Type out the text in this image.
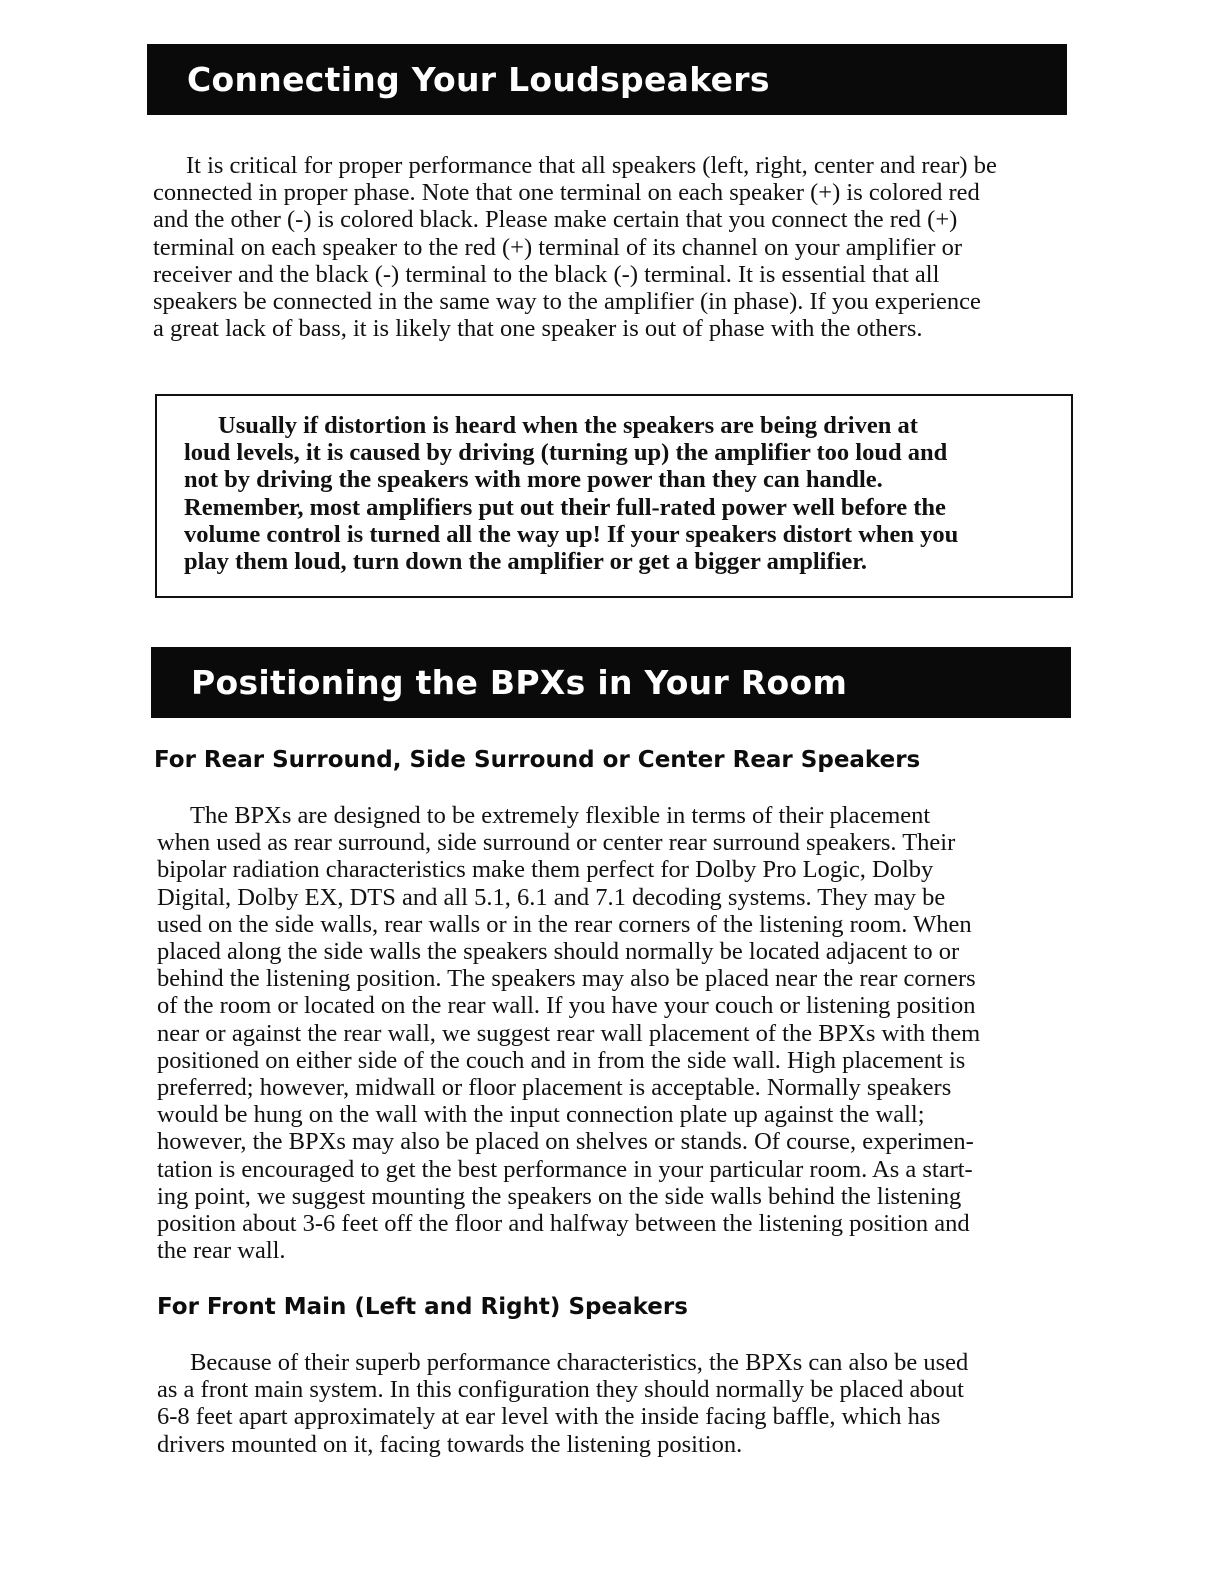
Connecting Your Loudspeakers

It is critical for proper performance that all speakers (left, right, center and rear) be
connected in proper phase. Note that one terminal on each speaker (+) is colored red
and the other (-) is colored black. Please make certain that you connect the red (+)
terminal on each speaker to the red (+) terminal of its channel on your amplifier or
receiver and the black (-) terminal to the black (-) terminal. It is essential that all
speakers be connected in the same way to the amplifier (in phase). If you experience
a great lack of bass, it is likely that one speaker is out of phase with the others.

Usually if distortion is heard when the speakers are being driven at
loud levels, it is caused by driving (turning up) the amplifier too loud and
not by driving the speakers with more power than they can handle.
Remember, most amplifiers put out their full-rated power well before the
volume control is turned all the way up! If your speakers distort when you
play them loud, turn down the amplifier or get a bigger amplifier.

Positioning the BPXs in Your Room
For Rear Surround, Side Surround or Center Rear Speakers

The BPXs are designed to be extremely flexible in terms of their placement
when used as rear surround, side surround or center rear surround speakers. Their
bipolar radiation characteristics make them perfect for Dolby Pro Logic, Dolby
Digital, Dolby EX, DTS and all 5.1, 6.1 and 7.1 decoding systems. They may be
used on the side walls, rear walls or in the rear corners of the listening room. When
placed along the side walls the speakers should normally be located adjacent to or
behind the listening position. The speakers may also be placed near the rear corners
of the room or located on the rear wall. If you have your couch or listening position
near or against the rear wall, we suggest rear wall placement of the BPXs with them
positioned on either side of the couch and in from the side wall. High placement is
preferred; however, midwall or floor placement is acceptable. Normally speakers
would be hung on the wall with the input connection plate up against the wall;
however, the BPXs may also be placed on shelves or stands. Of course, experimen-
tation is encouraged to get the best performance in your particular room. As a start-
ing point, we suggest mounting the speakers on the side walls behind the listening
position about 3-6 feet off the floor and halfway between the listening position and
the rear wall.

For Front Main (Left and Right) Speakers

Because of their superb performance characteristics, the BPXs can also be used
as a front main system. In this configuration they should normally be placed about
6-8 feet apart approximately at ear level with the inside facing baffle, which has
drivers mounted on it, facing towards the listening position.
